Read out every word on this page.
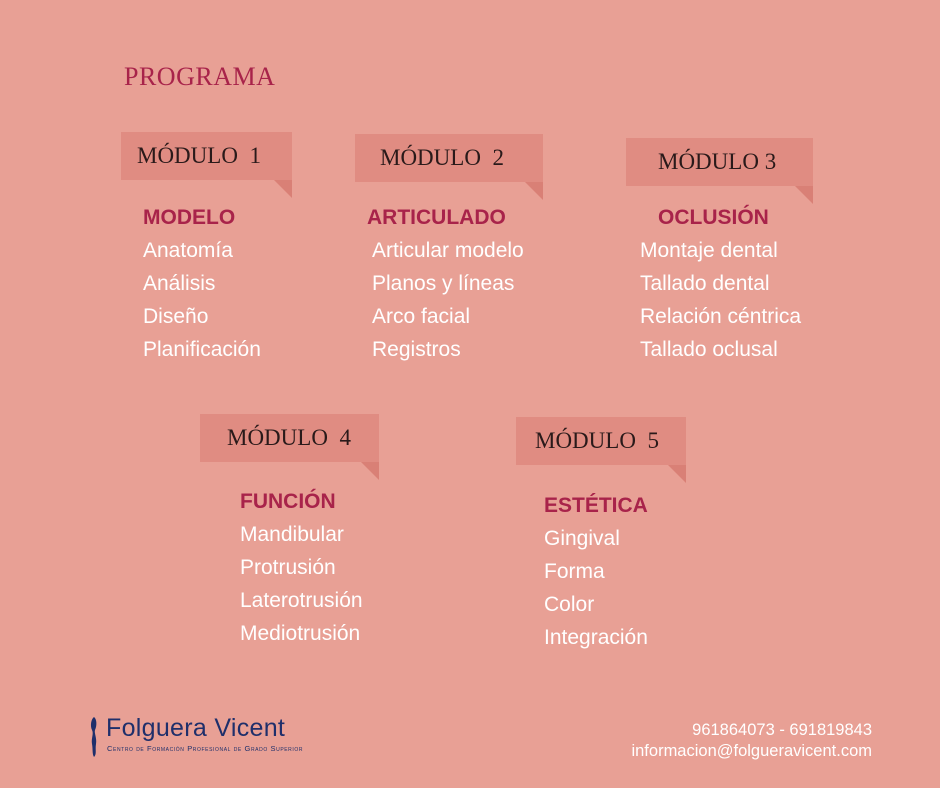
PROGRAMA
MÓDULO  1
MODELO
Anatomía
Análisis
Diseño
Planificación
MÓDULO  2
ARTICULADO
Articular modelo
Planos y líneas
Arco facial
Registros
MÓDULO 3
OCLUSIÓN
Montaje dental
Tallado dental
Relación céntrica
Tallado oclusal
MÓDULO  4
FUNCIÓN
Mandibular
Protrusión
Laterotrusión
Mediotrusión
MÓDULO  5
ESTÉTICA
Gingival
Forma
Color
Integración
Folguera Vicent
Centro de Formación Profesional de Grado Superior
961864073 - 691819843
informacion@folgueravicent.com
